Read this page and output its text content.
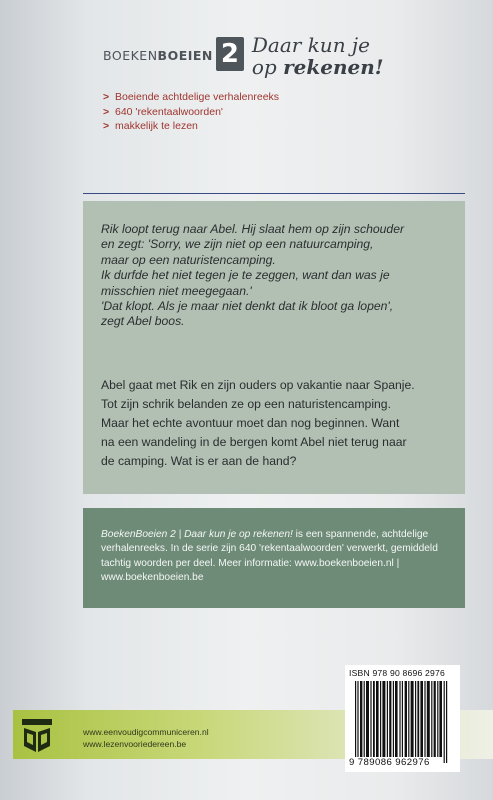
BOEKEN BOEIEN 2 Daar kun je
op rekenen!
> Boeiende achtdelige verhalenreeks
> 640 'rekentaalwoorden'
> makkelijk te lezen
Rik loopt terug naar Abel. Hij slaat hem op zijn schouder
en zegt: 'Sorry, we zijn niet op een natuurcamping,
maar op een naturistencamping.
Ik durfde het niet tegen je te zeggen, want dan was je
misschien niet meegegaan.'
'Dat klopt. Als je maar niet denkt dat ik bloot ga lopen',
zegt Abel boos.
Abel gaat met Rik en zijn ouders op vakantie naar Spanje.
Tot zijn schrik belanden ze op een naturistencamping.
Maar het echte avontuur moet dan nog beginnen. Want
na een wandeling in de bergen komt Abel niet terug naar
de camping. Wat is er aan de hand?
BoekenBoeien 2 | Daar kun je op rekenen! is een spannende, achtdelige verhalenreeks. In de serie zijn 640 'rekentaalwoorden' verwerkt, gemiddeld tachtig woorden per deel. Meer informatie: www.boekenboeien.nl | www.boekenboeien.be
www.eenvoudigcommuniceren.nl
www.lezenvooriedereen.be
ISBN 978 90 8696 2976
9 789086 962976
